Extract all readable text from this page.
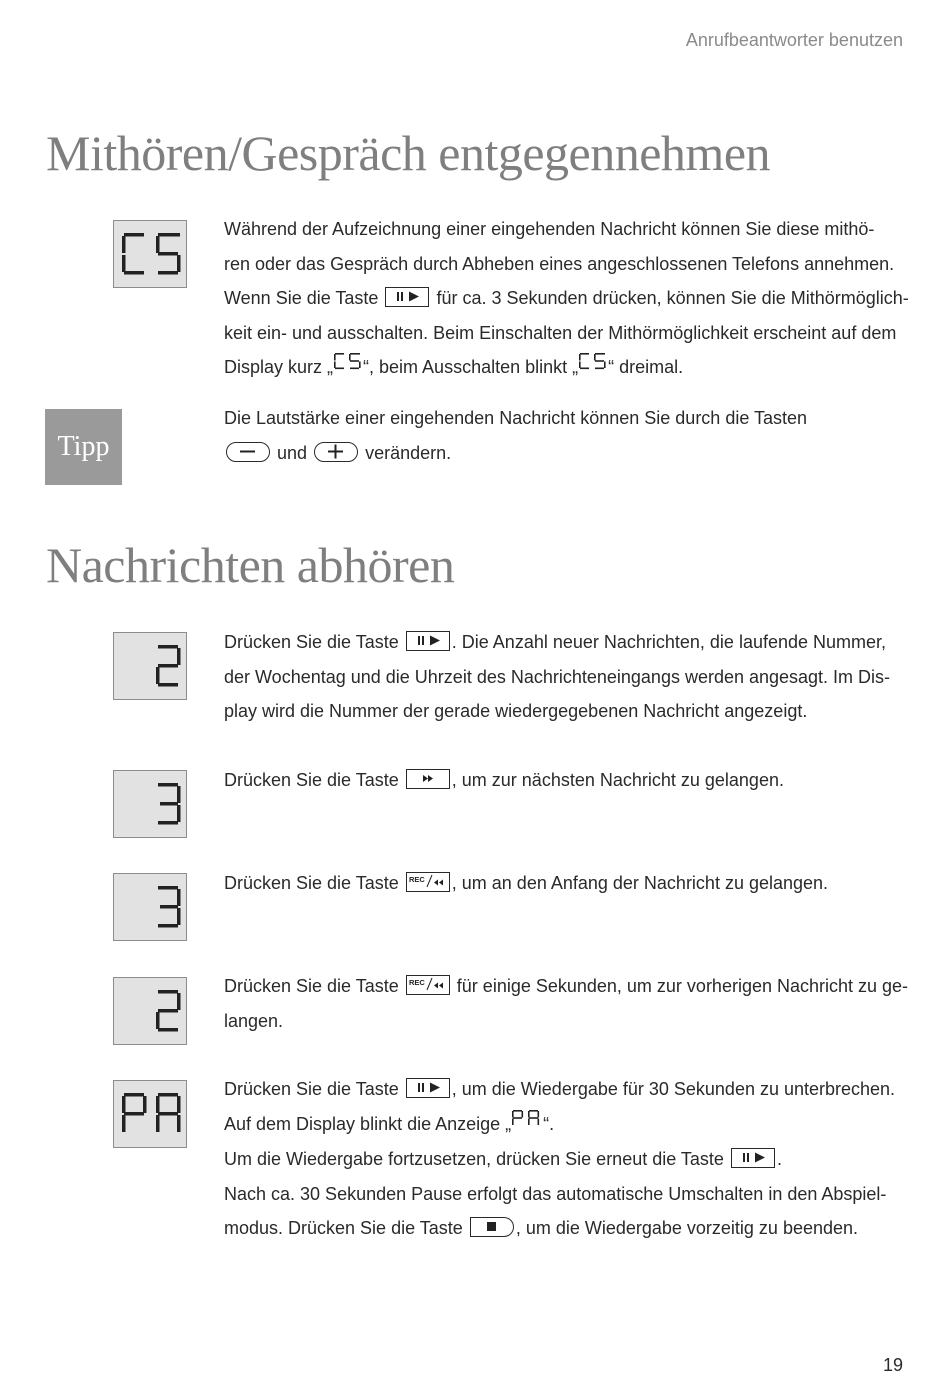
Anrufbeantworter benutzen
Mithören/Gespräch entgegennehmen
Während der Aufzeichnung einer eingehenden Nachricht können Sie diese mithö-
ren oder das Gespräch durch Abheben eines angeschlossenen Telefons annehmen.
Wenn Sie die Taste	für ca. 3 Sekunden drücken, können Sie die Mithörmöglich-
keit ein- und ausschalten. Beim Einschalten der Mithörmöglichkeit erscheint auf dem
Display kurz „ “, beim Ausschalten blinkt „ “ dreimal.
Tipp
Die Lautstärke einer eingehenden Nachricht können Sie durch die Tasten
und	verändern.
Nachrichten abhören
Drücken Sie die Taste	. Die Anzahl neuer Nachrichten, die laufende Nummer,
der Wochentag und die Uhrzeit des Nachrichteneingangs werden angesagt. Im Dis-
play wird die Nummer der gerade wiedergegebenen Nachricht angezeigt.
Drücken Sie die Taste	, um zur nächsten Nachricht zu gelangen.
Drücken Sie die Taste REC , um an den Anfang der Nachricht zu gelangen.
Drücken Sie die Taste REC für einige Sekunden, um zur vorherigen Nachricht zu ge-
langen.
Drücken Sie die Taste	, um die Wiedergabe für 30 Sekunden zu unterbrechen.
Auf dem Display blinkt die Anzeige „ “.
Um die Wiedergabe fortzusetzen, drücken Sie erneut die Taste	.
Nach ca. 30 Sekunden Pause erfolgt das automatische Umschalten in den Abspiel-
modus. Drücken Sie die Taste	, um die Wiedergabe vorzeitig zu beenden.
19
